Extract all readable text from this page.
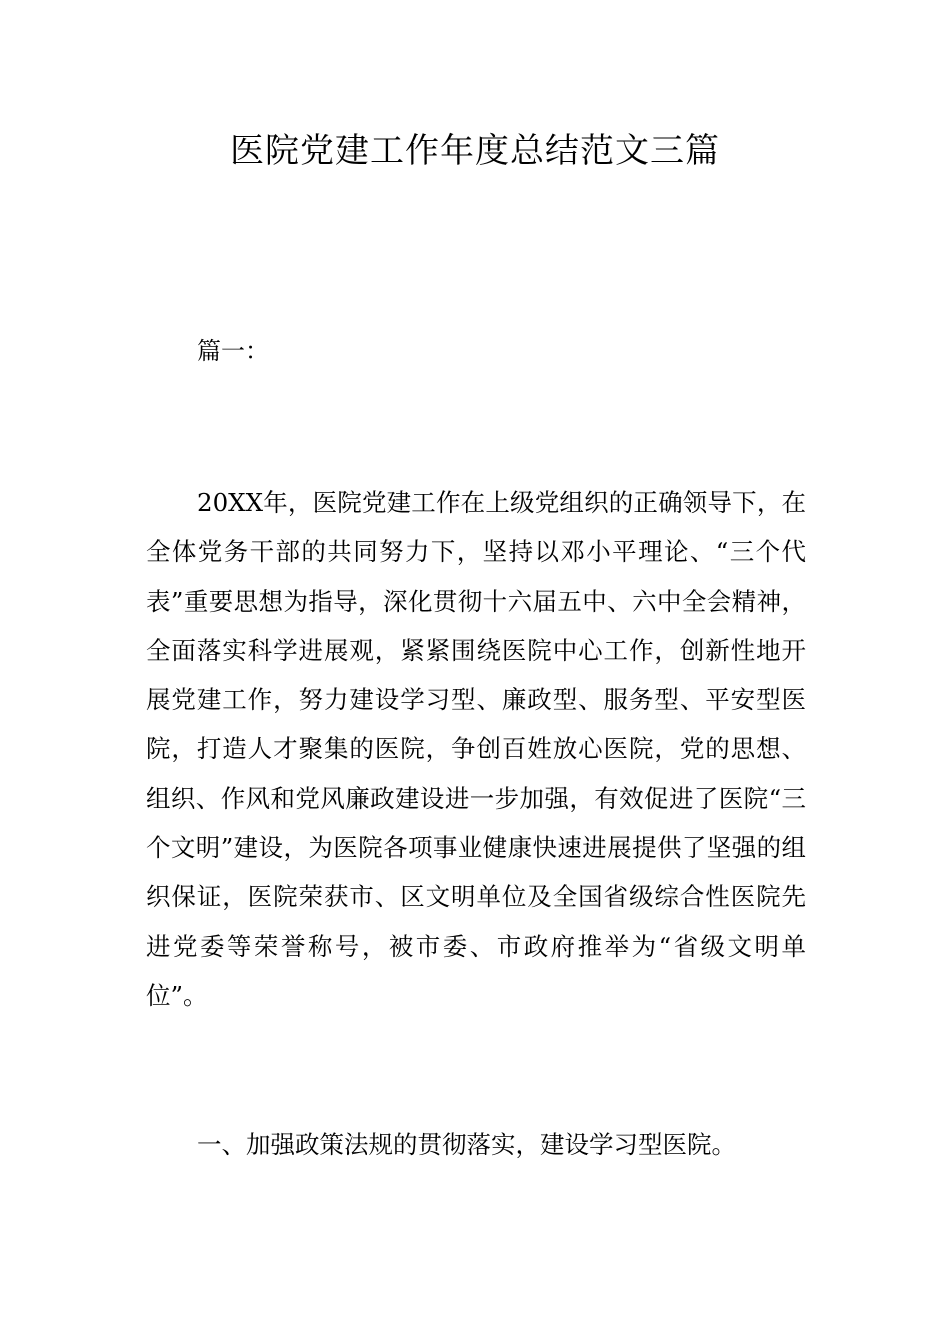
医院党建工作年度总结范文三篇

篇一：

20XX年，医院党建工作在上级党组织的正确领导下，在全体党务干部的共同努力下，坚持以邓小平理论、“三个代表”重要思想为指导，深化贯彻十六届五中、六中全会精神，全面落实科学进展观，紧紧围绕医院中心工作，创新性地开展党建工作，努力建设学习型、廉政型、服务型、平安型医院，打造人才聚集的医院，争创百姓放心医院，党的思想、组织、作风和党风廉政建设进一步加强，有效促进了医院“三个文明”建设，为医院各项事业健康快速进展提供了坚强的组织保证，医院荣获市、区文明单位及全国省级综合性医院先进党委等荣誉称号，被市委、市政府推举为“省级文明单位”。

一、加强政策法规的贯彻落实，建设学习型医院。
